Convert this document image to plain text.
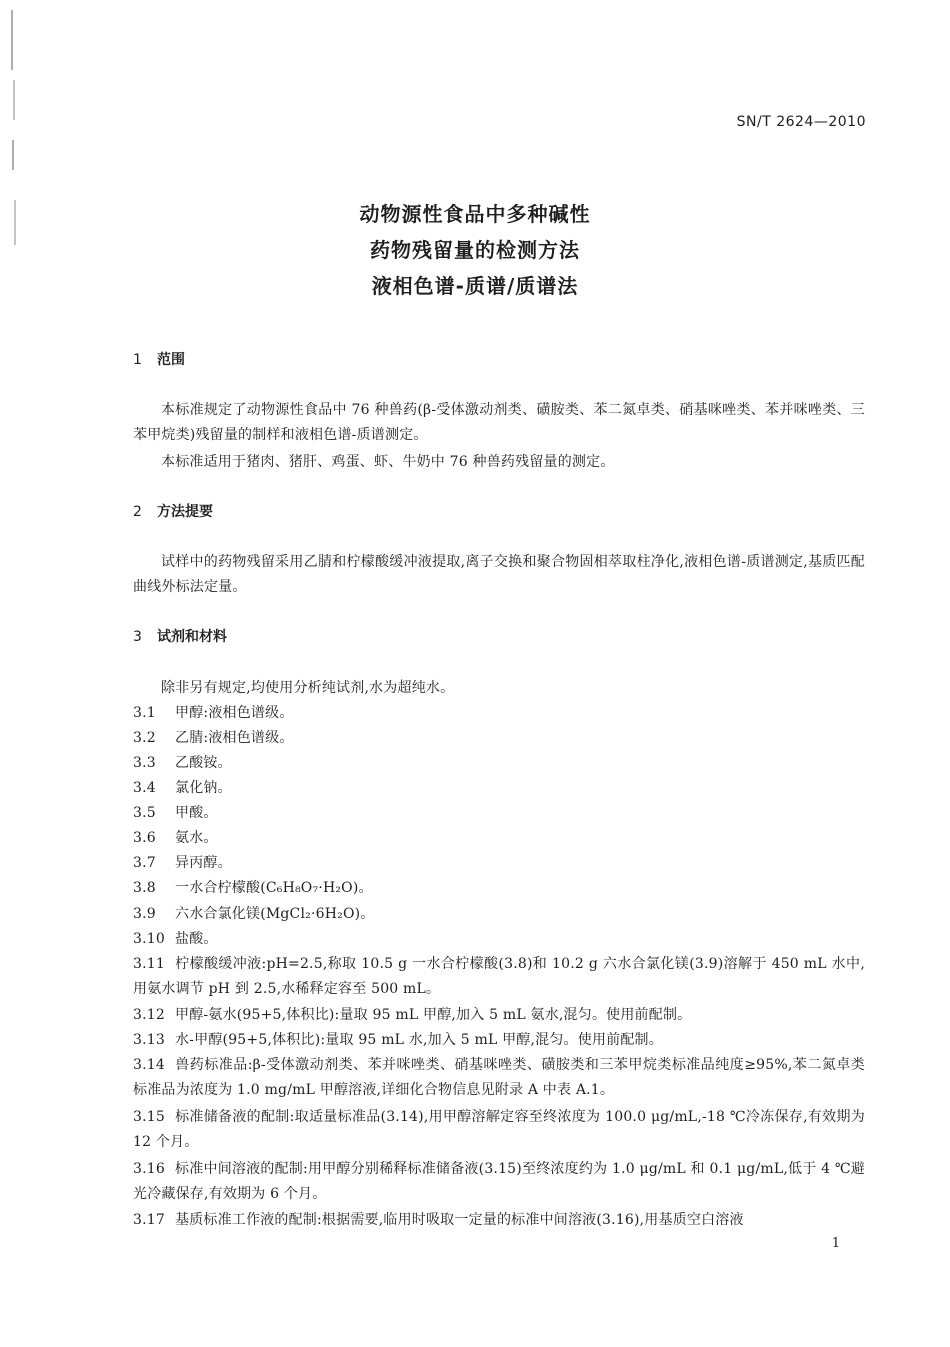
SN/T 2624—2010
动物源性食品中多种碱性
药物残留量的检测方法
液相色谱-质谱/质谱法
1 范围
本标准规定了动物源性食品中 76 种兽药(β-受体激动剂类、磺胺类、苯二氮卓类、硝基咪唑类、苯并咪唑类、三苯甲烷类)残留量的制样和液相色谱-质谱测定。
本标准适用于猪肉、猪肝、鸡蛋、虾、牛奶中 76 种兽药残留量的测定。
2 方法提要
试样中的药物残留采用乙腈和柠檬酸缓冲液提取,离子交换和聚合物固相萃取柱净化,液相色谱-质谱测定,基质匹配曲线外标法定量。
3 试剂和材料
除非另有规定,均使用分析纯试剂,水为超纯水。
3.1 甲醇:液相色谱级。
3.2 乙腈:液相色谱级。
3.3 乙酸铵。
3.4 氯化钠。
3.5 甲酸。
3.6 氨水。
3.7 异丙醇。
3.8 一水合柠檬酸(C₆H₈O₇·H₂O)。
3.9 六水合氯化镁(MgCl₂·6H₂O)。
3.10 盐酸。
3.11 柠檬酸缓冲液:pH=2.5,称取 10.5 g 一水合柠檬酸(3.8)和 10.2 g 六水合氯化镁(3.9)溶解于 450 mL 水中,用氨水调节 pH 到 2.5,水稀释定容至 500 mL。
3.12 甲醇-氨水(95+5,体积比):量取 95 mL 甲醇,加入 5 mL 氨水,混匀。使用前配制。
3.13 水-甲醇(95+5,体积比):量取 95 mL 水,加入 5 mL 甲醇,混匀。使用前配制。
3.14 兽药标准品:β-受体激动剂类、苯并咪唑类、硝基咪唑类、磺胺类和三苯甲烷类标准品纯度≥95%,苯二氮卓类标准品为浓度为 1.0 mg/mL 甲醇溶液,详细化合物信息见附录 A 中表 A.1。
3.15 标准储备液的配制:取适量标准品(3.14),用甲醇溶解定容至终浓度为 100.0 μg/mL,-18 ℃冷冻保存,有效期为 12 个月。
3.16 标准中间溶液的配制:用甲醇分别稀释标准储备液(3.15)至终浓度约为 1.0 μg/mL 和 0.1 μg/mL,低于 4 ℃避光冷藏保存,有效期为 6 个月。
3.17 基质标准工作液的配制:根据需要,临用时吸取一定量的标准中间溶液(3.16),用基质空白溶液
1
